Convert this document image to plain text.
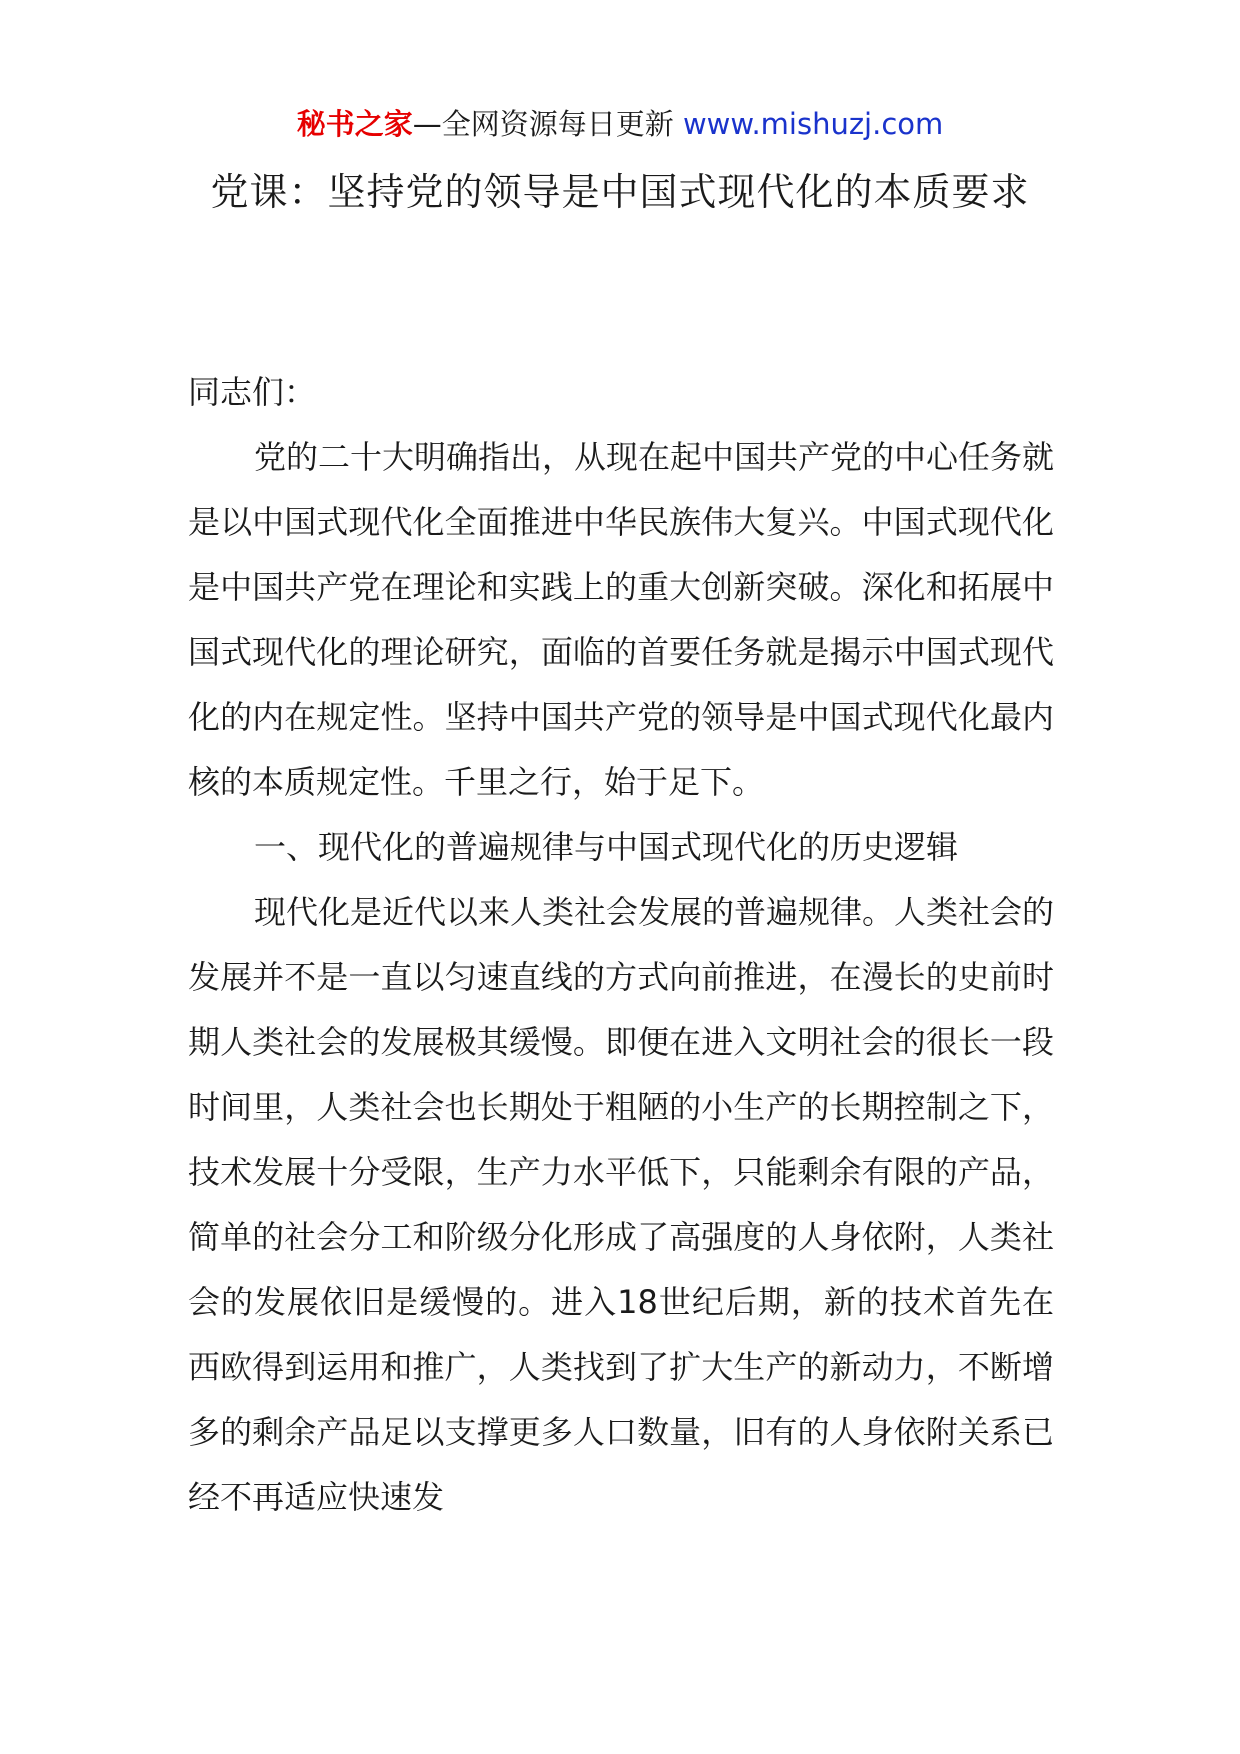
秘书之家—全网资源每日更新 www.mishuzj.com
党课：坚持党的领导是中国式现代化的本质要求

同志们：

党的二十大明确指出，从现在起中国共产党的中心任务就是以中国式现代化全面推进中华民族伟大复兴。中国式现代化是中国共产党在理论和实践上的重大创新突破。深化和拓展中国式现代化的理论研究，面临的首要任务就是揭示中国式现代化的内在规定性。坚持中国共产党的领导是中国式现代化最内核的本质规定性。千里之行，始于足下。

一、现代化的普遍规律与中国式现代化的历史逻辑

现代化是近代以来人类社会发展的普遍规律。人类社会的发展并不是一直以匀速直线的方式向前推进，在漫长的史前时期人类社会的发展极其缓慢。即便在进入文明社会的很长一段时间里，人类社会也长期处于粗陋的小生产的长期控制之下，技术发展十分受限，生产力水平低下，只能剩余有限的产品，简单的社会分工和阶级分化形成了高强度的人身依附，人类社会的发展依旧是缓慢的。进入18世纪后期，新的技术首先在西欧得到运用和推广，人类找到了扩大生产的新动力，不断增多的剩余产品足以支撑更多人口数量，旧有的人身依附关系已经不再适应快速发
